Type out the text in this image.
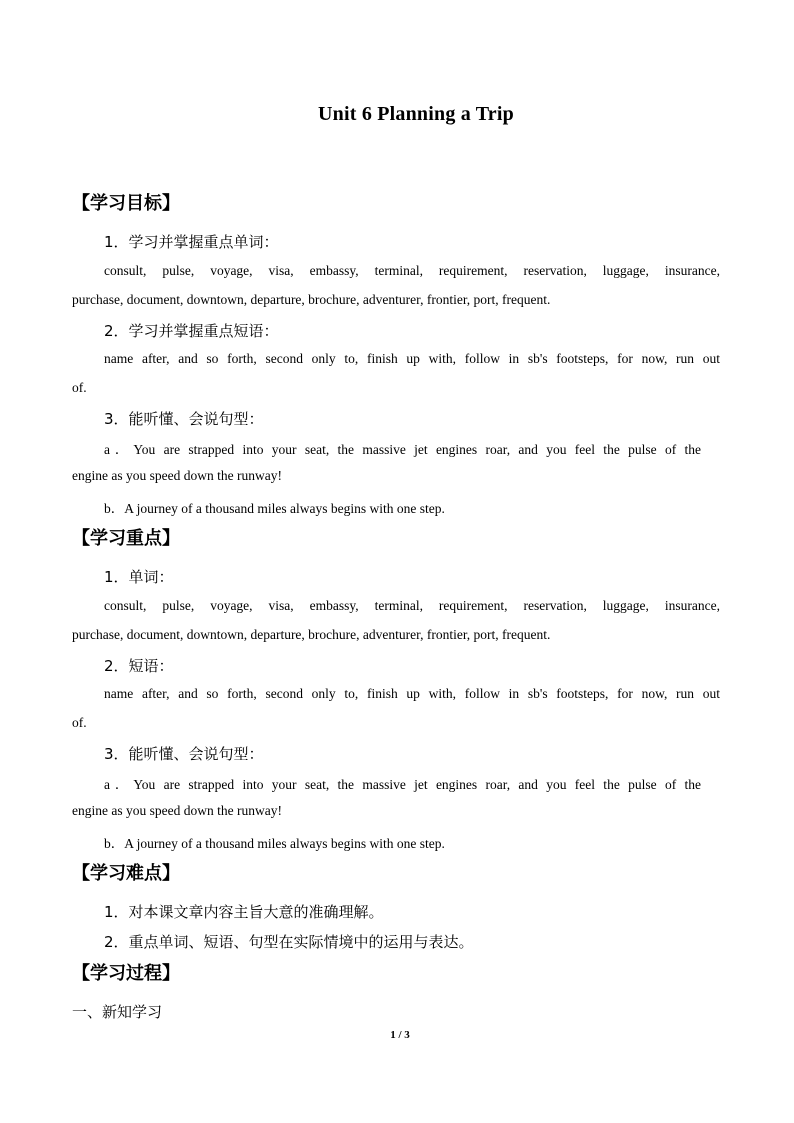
Unit 6 Planning a Trip
【学习目标】
1．学习并掌握重点单词：
consult, pulse, voyage, visa, embassy, terminal, requirement, reservation, luggage, insurance,
purchase, document, downtown, departure, brochure, adventurer, frontier, port, frequent.
2．学习并掌握重点短语：
name after, and so forth, second only to, finish up with, follow in sb's footsteps, for now, run out
of.
3．能听懂、会说句型：
a．You are strapped into your seat, the massive jet engines roar, and you feel the pulse of the
engine as you speed down the runway!
b．A journey of a thousand miles always begins with one step.
【学习重点】
1．单词：
consult, pulse, voyage, visa, embassy, terminal, requirement, reservation, luggage, insurance,
purchase, document, downtown, departure, brochure, adventurer, frontier, port, frequent.
2．短语：
name after, and so forth, second only to, finish up with, follow in sb's footsteps, for now, run out
of.
3．能听懂、会说句型：
a．You are strapped into your seat, the massive jet engines roar, and you feel the pulse of the
engine as you speed down the runway!
b．A journey of a thousand miles always begins with one step.
【学习难点】
1．对本课文章内容主旨大意的准确理解。
2．重点单词、短语、句型在实际情境中的运用与表达。
【学习过程】
一、新知学习
1 / 3
